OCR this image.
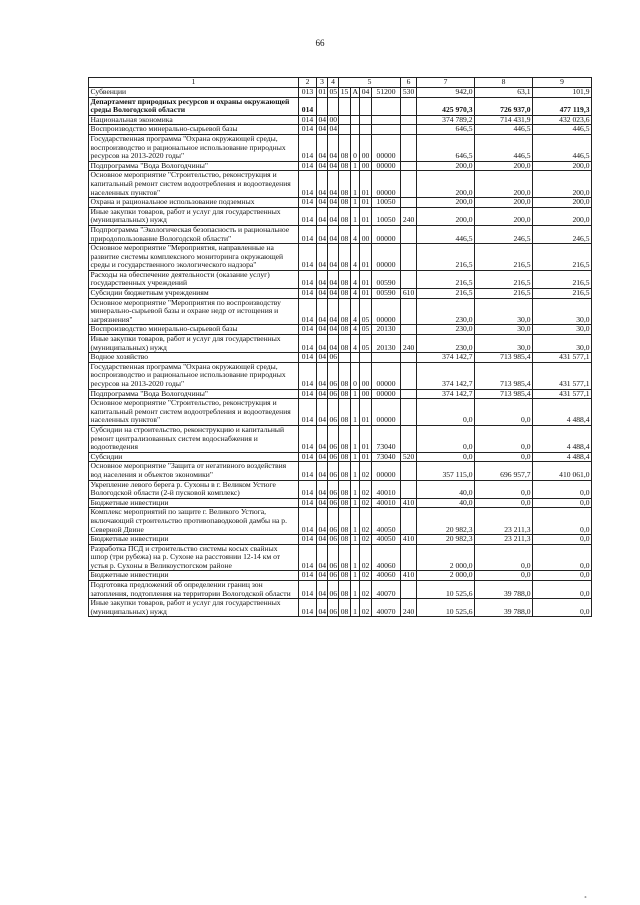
66
1	2	3	4	5				6	7	8	9
Субвенции	013	01	05	15	А	04	51200	530	942,0	63,1	101,9
Департамент природных ресурсов и охраны окружающей среды Вологодской области	014								425 970,3	726 937,0	477 119,3
Национальная экономика	014	04	00						374 789,2	714 431,9	432 023,6
Воспроизводство минерально-сырьевой базы	014	04	04						646,5	446,5	446,5
Государственная программа "Охрана окружающей среды, воспроизводство и рациональное использование природных ресурсов на 2013-2020 годы"	014	04	04	08	0	00	00000		646,5	446,5	446,5
Подпрограмма "Вода Вологодчины"	014	04	04	08	1	00	00000		200,0	200,0	200,0
Основное мероприятие "Строительство, реконструкция и капитальный ремонт систем водоотребления и водоотведения населенных пунктов"	014	04	04	08	1	01	00000		200,0	200,0	200,0
Охрана и рациональное использование подземных	014	04	04	08	1	01	10050		200,0	200,0	200,0
Иные закупки товаров, работ и услуг для государственных (муниципальных) нужд	014	04	04	08	1	01	10050	240	200,0	200,0	200,0
Подпрограмма "Экологическая безопасность и рациональное природопользование Вологодской области"	014	04	04	08	4	00	00000		446,5	246,5	246,5
Основное мероприятие "Мероприятия, направленные на развитие системы комплексного мониторинга окружающей среды и государственного экологического надзора"	014	04	04	08	4	01	00000		216,5	216,5	216,5
Расходы на обеспечение деятельности (оказание услуг) государственных учреждений	014	04	04	08	4	01	00590		216,5	216,5	216,5
Субсидии бюджетным учреждениям	014	04	04	08	4	01	00590	610	216,5	216,5	216,5
Основное мероприятие "Мероприятия по воспроизводству минерально-сырьевой базы и охране недр от истощения и загрязнения"	014	04	04	08	4	05	00000		230,0	30,0	30,0
Воспроизводство минерально-сырьевой базы	014	04	04	08	4	05	20130		230,0	30,0	30,0
Иные закупки товаров, работ и услуг для государственных (муниципальных) нужд	014	04	04	08	4	05	20130	240	230,0	30,0	30,0
Водное хозяйство	014	04	06						374 142,7	713 985,4	431 577,1
Государственная программа "Охрана окружающей среды, воспроизводство и рациональное использование природных ресурсов на 2013-2020 годы"	014	04	06	08	0	00	00000		374 142,7	713 985,4	431 577,1
Подпрограмма "Вода Вологодчины"	014	04	06	08	1	00	00000		374 142,7	713 985,4	431 577,1
Основное мероприятие "Строительство, реконструкция и капитальный ремонт систем водоотребления и водоотведения населенных пунктов"	014	04	06	08	1	01	00000		0,0	0,0	4 488,4
Субсидии на строительство, реконструкцию и капитальный ремонт централизованных систем водоснабжения и водоотведения	014	04	06	08	1	01	73040		0,0	0,0	4 488,4
Субсидии	014	04	06	08	1	01	73040	520	0,0	0,0	4 488,4
Основное мероприятие "Защита от негативного воздействия вод населения и объектов экономики"	014	04	06	08	1	02	00000		357 115,0	696 957,7	410 061,0
Укрепление левого берега р. Сухоны в г. Великом Устюге Вологодской области (2-й пусковой комплекс)	014	04	06	08	1	02	40010		40,0	0,0	0,0
Бюджетные инвестиции	014	04	06	08	1	02	40010	410	40,0	0,0	0,0
Комплекс мероприятий по защите г. Великого Устюга, включающий строительство противопаводковой дамбы на р. Северной Двине	014	04	06	08	1	02	40050		20 982,3	23 211,3	0,0
Бюджетные инвестиции	014	04	06	08	1	02	40050	410	20 982,3	23 211,3	0,0
Разработка ПСД и строительство системы косых свайных шпор (три рубежа) на р. Сухоне на расстоянии 12-14 км от устья р. Сухоны в Великоустюгском районе	014	04	06	08	1	02	40060		2 000,0	0,0	0,0
Бюджетные инвестиции	014	04	06	08	1	02	40060	410	2 000,0	0,0	0,0
Подготовка предложений об определении границ зон затопления, подтопления на территории Вологодской области	014	04	06	08	1	02	40070		10 525,6	39 788,0	0,0
Иные закупки товаров, работ и услуг для государственных (муниципальных) нужд	014	04	06	08	1	02	40070	240	10 525,6	39 788,0	0,0
∘
